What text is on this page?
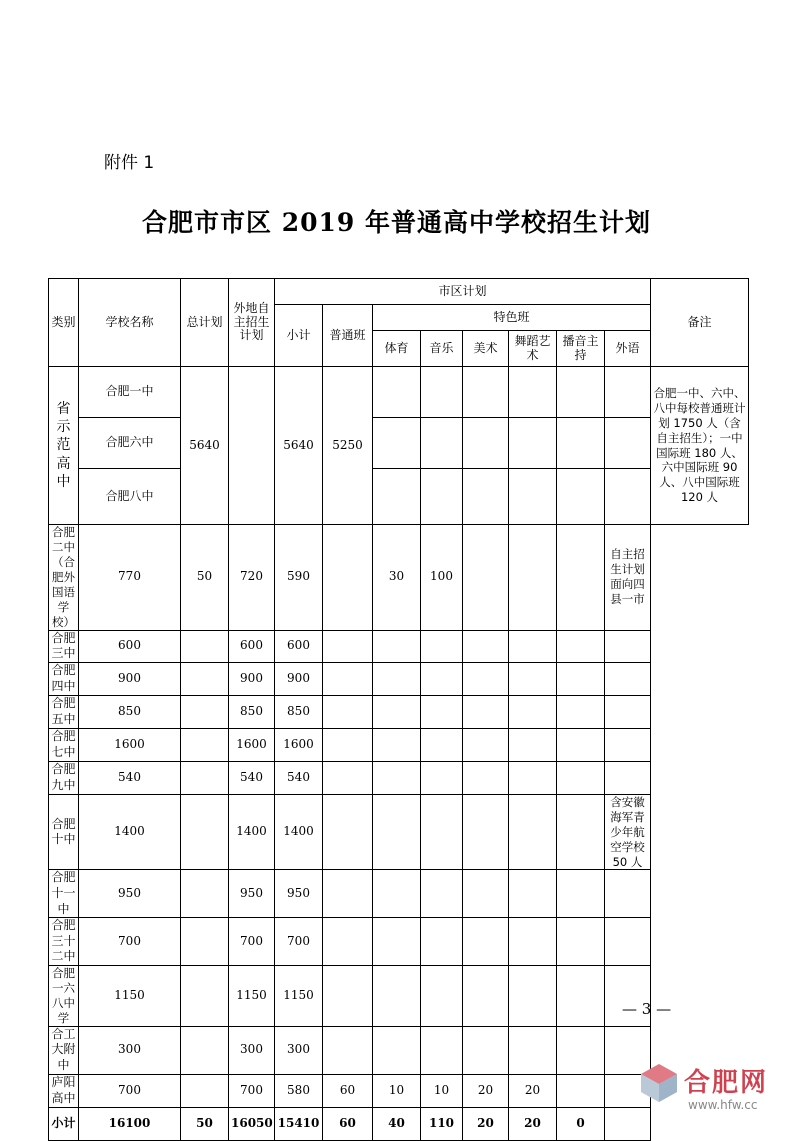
附件 1
合肥市市区 2019 年普通高中学校招生计划
类别	学校名称	总计划	外地自主招生计划	市区计划								备注
				小计	普通班	特色班						
						体育	音乐	美术	舞蹈艺术	播音主持	外语	

省
示
范
高
中	合肥一中	5640		5640	5250							合肥一中、六中、八中每校普通班计划 1750 人（含自主招生）；一中国际班 180 人、六中国际班 90 人、八中国际班 120 人
	合肥六中											
	合肥八中											
合肥二中（合肥外国语学校）	770	50	720	590		30	100				自主招生计划面向四县一市	
合肥三中	600		600	600								
合肥四中	900		900	900								
合肥五中	850		850	850								
合肥七中	1600		1600	1600								
合肥九中	540		540	540								
合肥十中	1400		1400	1400							含安徽海军青少年航空学校 50 人	
合肥十一中	950		950	950								
合肥三十二中	700		700	700								
合肥一六八中学	1150		1150	1150								
合工大附中	300		300	300								
庐阳高中	700		700	580	60	10	10	20	20			
小计	16100	50	16050	15410	60	40	110	20	20	0		
— 3 —
合肥网
www.hfw.cc
